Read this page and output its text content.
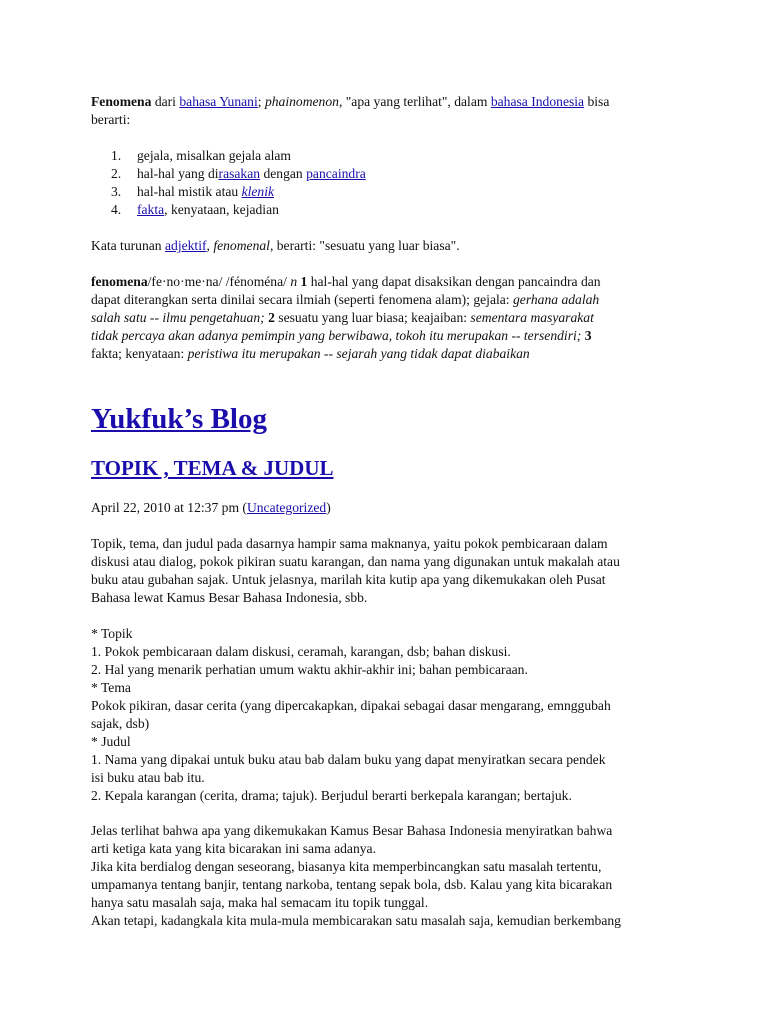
Fenomena dari bahasa Yunani; phainomenon, "apa yang terlihat", dalam bahasa Indonesia bisa
berarti:

1. gejala, misalkan gejala alam
2. hal-hal yang dirasakan dengan pancaindra
3. hal-hal mistik atau klenik
4. fakta, kenyataan, kejadian

Kata turunan adjektif, fenomenal, berarti: "sesuatu yang luar biasa".

fenomena/fe·no·me·na/ /fénoména/ n 1 hal-hal yang dapat disaksikan dengan pancaindra dan
dapat diterangkan serta dinilai secara ilmiah (seperti fenomena alam); gejala: gerhana adalah
salah satu -- ilmu pengetahuan; 2 sesuatu yang luar biasa; keajaiban: sementara masyarakat
tidak percaya akan adanya pemimpin yang berwibawa, tokoh itu merupakan -- tersendiri; 3
fakta; kenyataan: peristiwa itu merupakan -- sejarah yang tidak dapat diabaikan

Yukfuk’s Blog
TOPIK , TEMA & JUDUL

April 22, 2010 at 12:37 pm (Uncategorized)

Topik, tema, dan judul pada dasarnya hampir sama maknanya, yaitu pokok pembicaraan dalam
diskusi atau dialog, pokok pikiran suatu karangan, dan nama yang digunakan untuk makalah atau
buku atau gubahan sajak. Untuk jelasnya, marilah kita kutip apa yang dikemukakan oleh Pusat
Bahasa lewat Kamus Besar Bahasa Indonesia, sbb.

* Topik
1. Pokok pembicaraan dalam diskusi, ceramah, karangan, dsb; bahan diskusi.
2. Hal yang menarik perhatian umum waktu akhir-akhir ini; bahan pembicaraan.
* Tema
Pokok pikiran, dasar cerita (yang dipercakapkan, dipakai sebagai dasar mengarang, emnggubah
sajak, dsb)
* Judul
1. Nama yang dipakai untuk buku atau bab dalam buku yang dapat menyiratkan secara pendek
isi buku atau bab itu.
2. Kepala karangan (cerita, drama; tajuk). Berjudul berarti berkepala karangan; bertajuk.

Jelas terlihat bahwa apa yang dikemukakan Kamus Besar Bahasa Indonesia menyiratkan bahwa
arti ketiga kata yang kita bicarakan ini sama adanya.
Jika kita berdialog dengan seseorang, biasanya kita memperbincangkan satu masalah tertentu,
umpamanya tentang banjir, tentang narkoba, tentang sepak bola, dsb. Kalau yang kita bicarakan
hanya satu masalah saja, maka hal semacam itu topik tunggal.
Akan tetapi, kadangkala kita mula-mula membicarakan satu masalah saja, kemudian berkembang
